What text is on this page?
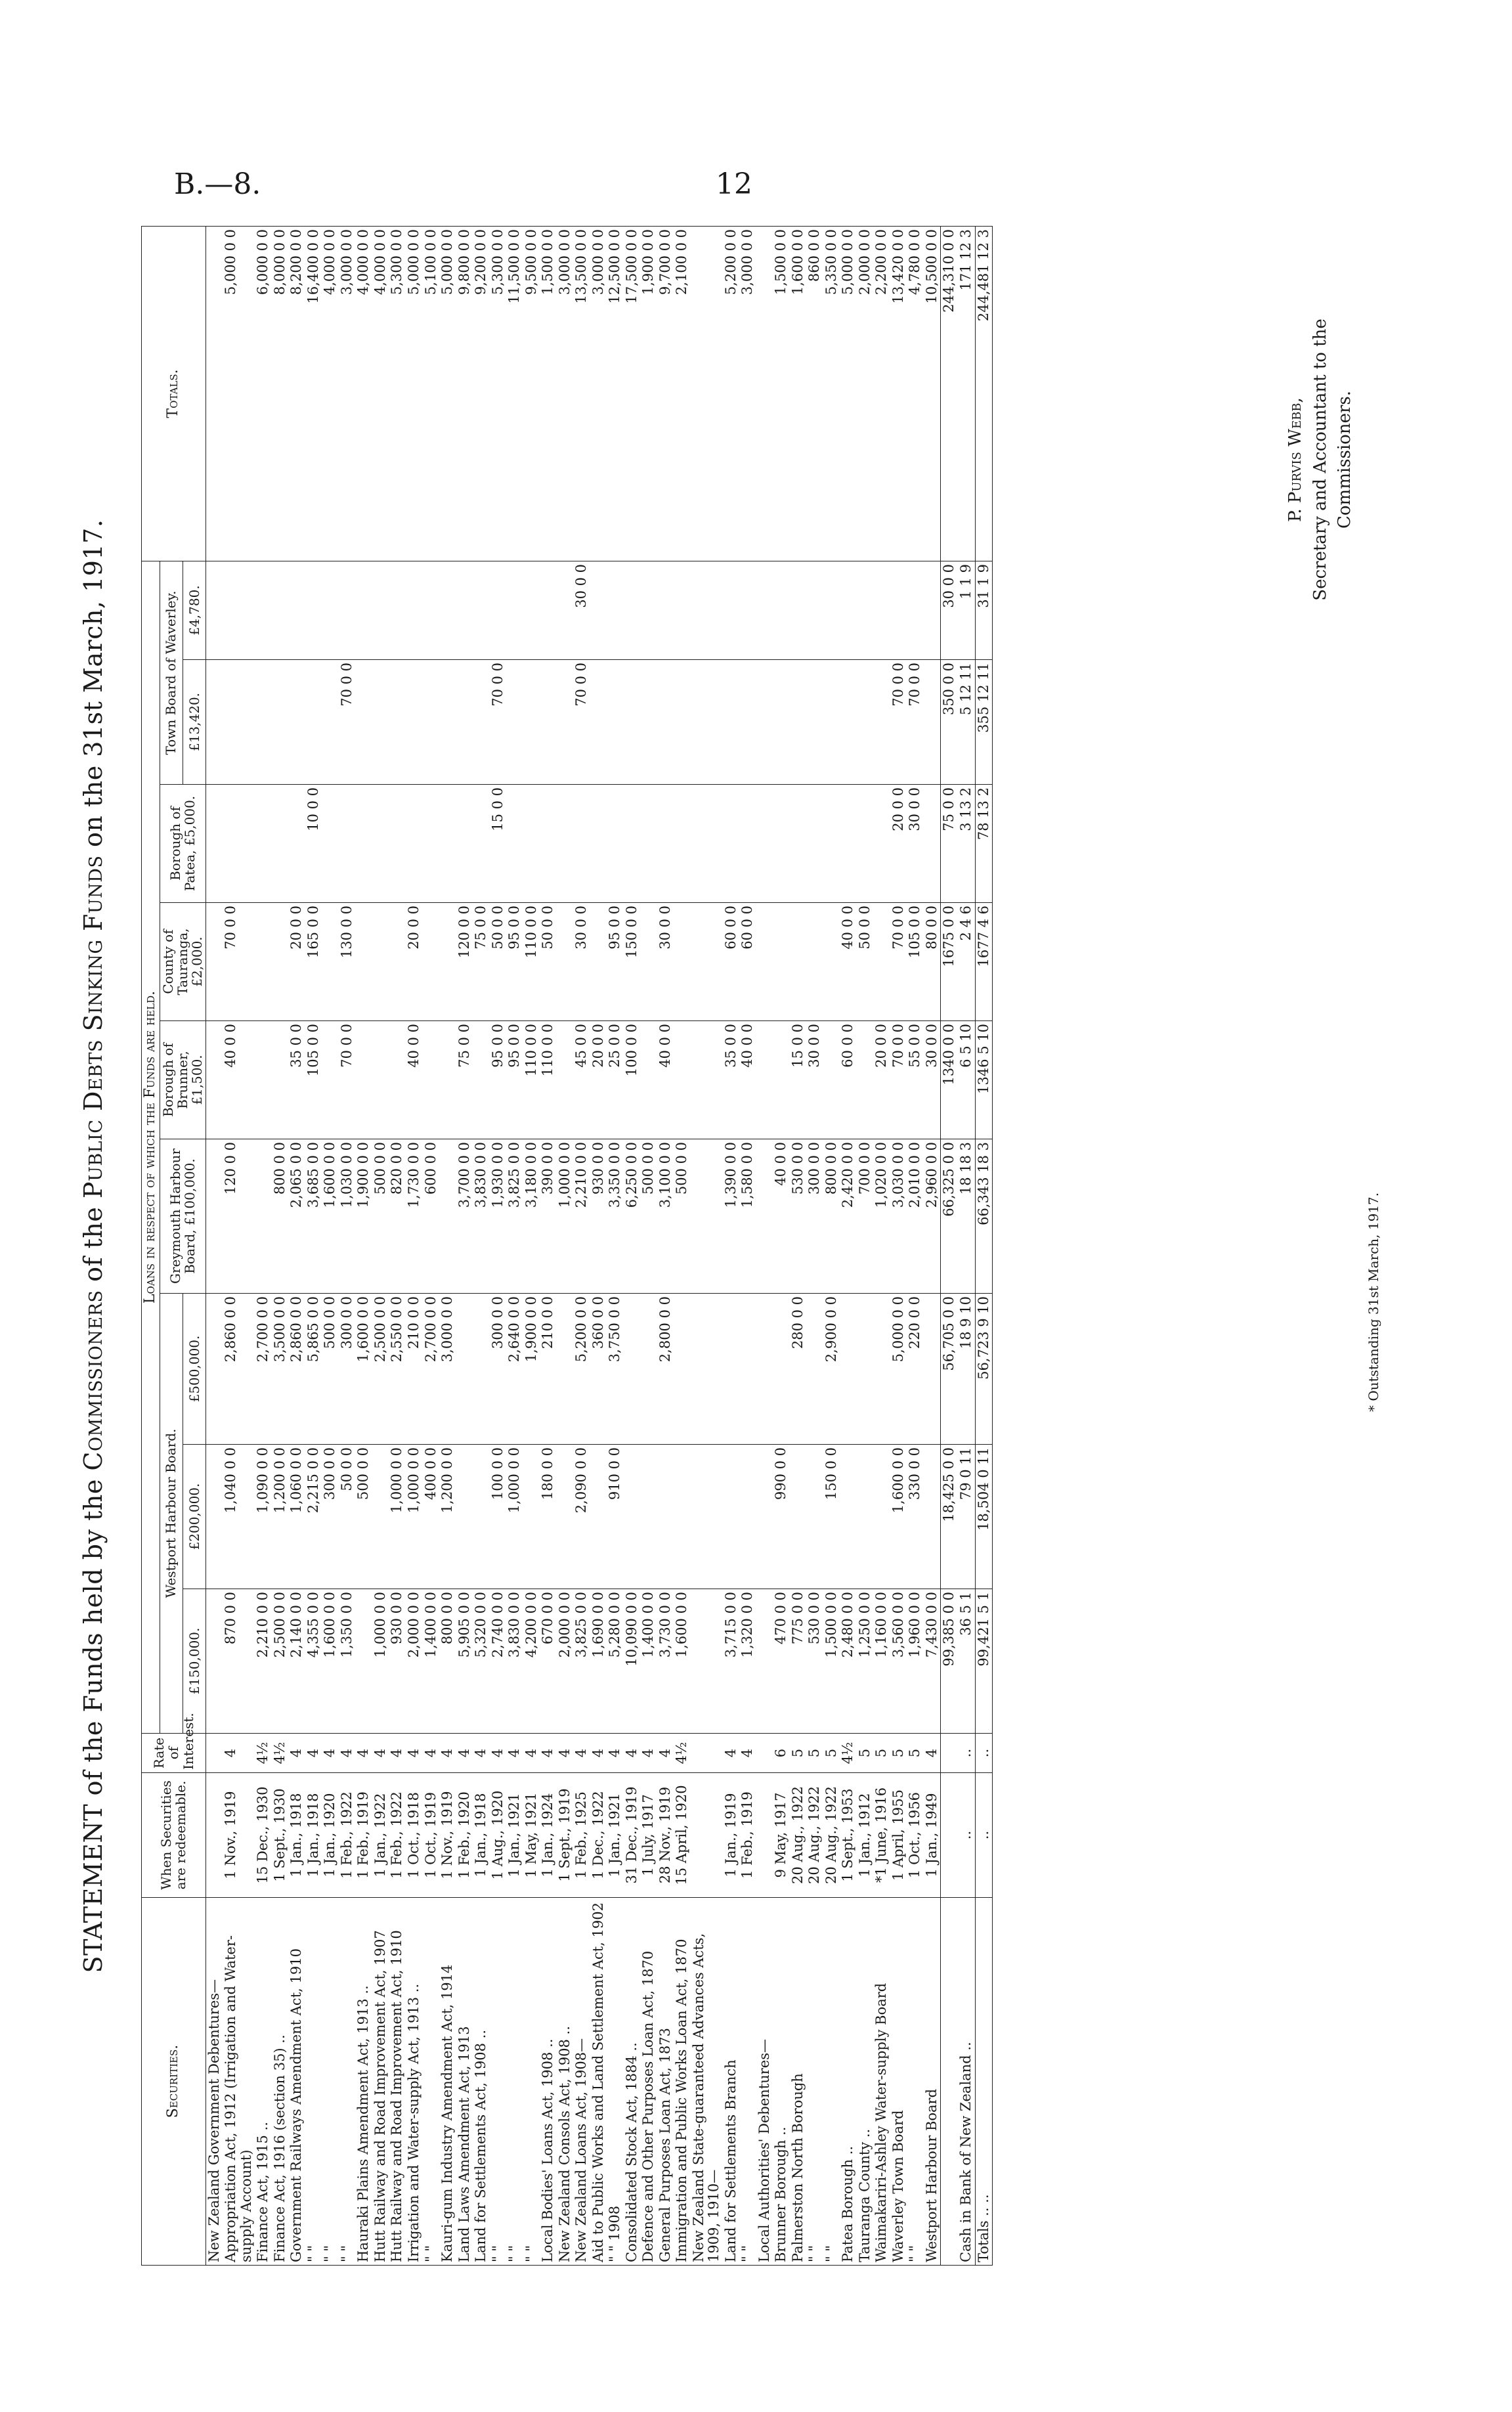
B.—8.	12
STATEMENT of the Funds held by the Commissioners of the Public Debts Sinking Funds on the 31st March, 1917.
Securities.	When Securities are redeemable.	Rate of Interest.	Loans in respect of which the Funds are held.									Totals.
			Westport Harbour Board.			Greymouth Harbour Board, £100,000.	Borough of Brunner, £1,500.	County of Tauranga, £2,000.	Borough of Patea, £5,000.	Town Board of Waverley.		
			£150,000.	£200,000.	£500,000.					£13,420.	£4,780.	
New Zealand Government Debentures—												
Appropriation Act, 1912 (Irrigation and Water-supply Account)	1 Nov., 1919	4	870 0 0	1,040 0 0	2,860 0 0	120 0 0	40 0 0	70 0 0				5,000 0 0
Finance Act, 1915 ..	15 Dec., 1930	4½	2,210 0 0	1,090 0 0	2,700 0 0							6,000 0 0
Finance Act, 1916 (section 35) ..	1 Sept., 1930	4½	2,500 0 0	1,200 0 0	3,500 0 0	800 0 0						8,000 0 0
Government Railways Amendment Act, 1910	1 Jan., 1918	4	2,140 0 0	1,060 0 0	2,860 0 0	2,065 0 0	35 0 0	20 0 0				8,200 0 0
" "	1 Jan., 1918	4	4,355 0 0	2,215 0 0	5,865 0 0	3,685 0 0	105 0 0	165 0 0	10 0 0			16,400 0 0
" "	1 Jan., 1920	4	1,600 0 0	300 0 0	500 0 0	1,600 0 0						4,000 0 0
" "	1 Feb., 1922	4	1,350 0 0	50 0 0	300 0 0	1,030 0 0	70 0 0	130 0 0		70 0 0		3,000 0 0
Hauraki Plains Amendment Act, 1913 ..	1 Feb., 1919	4		500 0 0	1,600 0 0	1,900 0 0						4,000 0 0
Hutt Railway and Road Improvement Act, 1907	1 Jan., 1922	4	1,000 0 0		2,500 0 0	500 0 0						4,000 0 0
Hutt Railway and Road Improvement Act, 1910	1 Feb., 1922	4	930 0 0	1,000 0 0	2,550 0 0	820 0 0						5,300 0 0
Irrigation and Water-supply Act, 1913 ..	1 Oct., 1918	4	2,000 0 0	1,000 0 0	210 0 0	1,730 0 0	40 0 0	20 0 0				5,000 0 0
" "	1 Oct., 1919	4	1,400 0 0	400 0 0	2,700 0 0	600 0 0						5,100 0 0
Kauri-gum Industry Amendment Act, 1914	1 Nov., 1919	4	800 0 0	1,200 0 0	3,000 0 0							5,000 0 0
Land Laws Amendment Act, 1913	1 Feb., 1920	4	5,905 0 0			3,700 0 0	75 0 0	120 0 0				9,800 0 0
Land for Settlements Act, 1908 ..	1 Jan., 1918	4	5,320 0 0			3,830 0 0		75 0 0				9,200 0 0
" "	1 Aug., 1920	4	2,740 0 0	100 0 0	300 0 0	1,930 0 0	95 0 0	50 0 0	15 0 0	70 0 0		5,300 0 0
" "	1 Jan., 1921	4	3,830 0 0	1,000 0 0	2,640 0 0	3,825 0 0	95 0 0	95 0 0				11,500 0 0
" "	1 May, 1921	4	4,200 0 0		1,900 0 0	3,180 0 0	110 0 0	110 0 0				9,500 0 0
Local Bodies' Loans Act, 1908 ..	1 Jan., 1924	4	670 0 0	180 0 0	210 0 0	390 0 0	110 0 0	50 0 0				1,500 0 0
New Zealand Consols Act, 1908 ..	1 Sept., 1919	4	2,000 0 0			1,000 0 0						3,000 0 0
New Zealand Loans Act, 1908—	1 Feb., 1925	4	3,825 0 0	2,090 0 0	5,200 0 0	2,210 0 0	45 0 0	30 0 0		70 0 0	30 0 0	13,500 0 0
Aid to Public Works and Land Settlement Act, 1902	1 Dec., 1922	4	1,690 0 0		360 0 0	930 0 0	20 0 0					3,000 0 0
" " 1908	1 Jan., 1921	4	5,280 0 0	910 0 0	3,750 0 0	3,350 0 0	25 0 0	95 0 0				12,500 0 0
Consolidated Stock Act, 1884 ..	31 Dec., 1919	4	10,090 0 0			6,250 0 0	100 0 0	150 0 0				17,500 0 0
Defence and Other Purposes Loan Act, 1870	1 July, 1917	4	1,400 0 0			500 0 0						1,900 0 0
General Purposes Loan Act, 1873	28 Nov., 1919	4	3,730 0 0		2,800 0 0	3,100 0 0	40 0 0	30 0 0				9,700 0 0
Immigration and Public Works Loan Act, 1870	15 April, 1920	4½	1,600 0 0			500 0 0						2,100 0 0
New Zealand State-guaranteed Advances Acts, 1909, 1910—												
Land for Settlements Branch	1 Jan., 1919	4	3,715 0 0			1,390 0 0	35 0 0	60 0 0				5,200 0 0
" "	1 Feb., 1919	4	1,320 0 0			1,580 0 0	40 0 0	60 0 0				3,000 0 0
Local Authorities' Debentures—												
Brunner Borough ..	9 May, 1917	6	470 0 0	990 0 0		40 0 0						1,500 0 0
Palmerston North Borough	20 Aug., 1922	5	775 0 0		280 0 0	530 0 0	15 0 0					1,600 0 0
" "	20 Aug., 1922	5	530 0 0			300 0 0	30 0 0					860 0 0
" "	20 Aug., 1922	5	1,500 0 0	150 0 0	2,900 0 0	800 0 0						5,350 0 0
Patea Borough ..	1 Sept., 1953	4½	2,480 0 0			2,420 0 0	60 0 0	40 0 0				5,000 0 0
Tauranga County ..	1 Jan., 1912	5	1,250 0 0			700 0 0		50 0 0				2,000 0 0
Waimakariri-Ashley Water-supply Board	*1 June, 1916	5	1,160 0 0			1,020 0 0	20 0 0					2,200 0 0
Waverley Town Board	1 April, 1955	5	3,560 0 0	1,600 0 0	5,000 0 0	3,030 0 0	70 0 0	70 0 0	20 0 0	70 0 0		13,420 0 0
" "	1 Oct., 1956	5	1,960 0 0	330 0 0	220 0 0	2,010 0 0	55 0 0	105 0 0	30 0 0	70 0 0		4,780 0 0
Westport Harbour Board	1 Jan., 1949	4	7,430 0 0			2,960 0 0	30 0 0	80 0 0				10,500 0 0
			99,385 0 0	18,425 0 0	56,705 0 0	66,325 0 0	1340 0 0	1675 0 0	75 0 0	350 0 0	30 0 0	244,310 0 0
Cash in Bank of New Zealand ..	..	..	36 5 1	79 0 11	18 9 10	18 18 3	6 5 10	2 4 6	3 13 2	5 12 11	1 1 9	171 12 3
Totals .. ..	..	..	99,421 5 1	18,504 0 11	56,723 9 10	66,343 18 3	1346 5 10	1677 4 6	78 13 2	355 12 11	31 1 9	244,481 12 3
* Outstanding 31st March, 1917.
P. Purvis Webb, Secretary and Accountant to the Commissioners.
